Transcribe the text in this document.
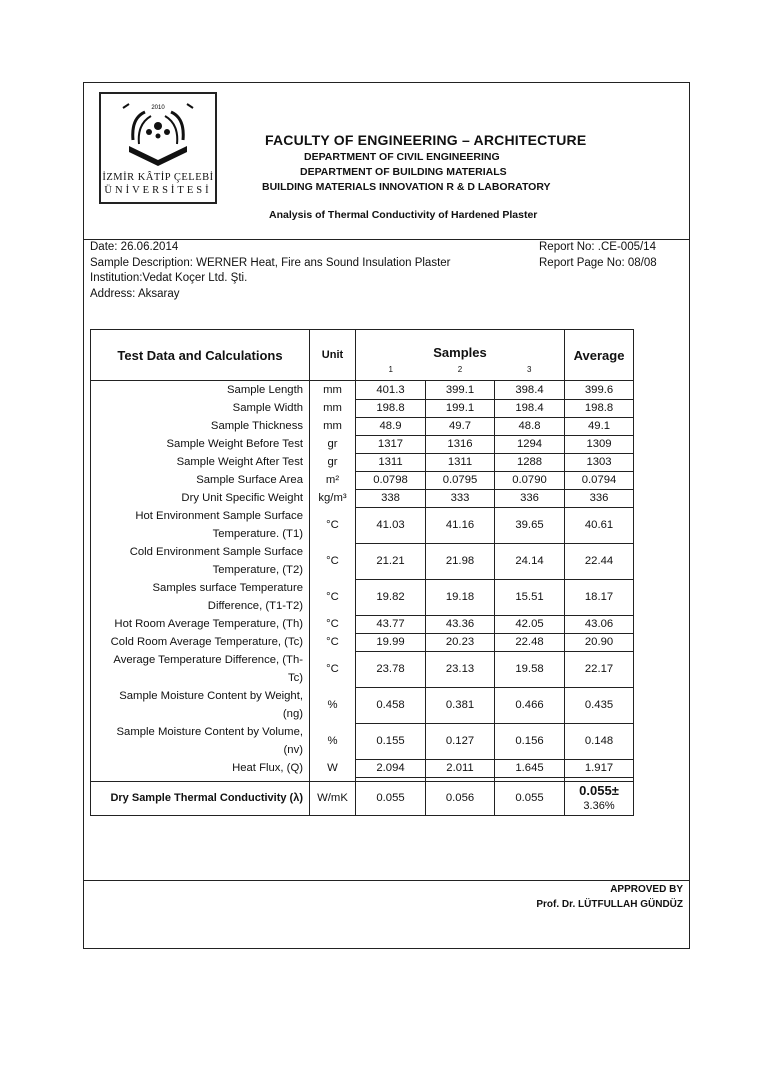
2010
İZMİR KÂTİP ÇELEBİ
ÜNİVERSİTESİ
FACULTY OF ENGINEERING – ARCHITECTURE
DEPARTMENT OF CIVIL ENGINEERING
DEPARTMENT OF BUILDING MATERIALS
BUILDING MATERIALS INNOVATION R & D LABORATORY
Analysis of Thermal Conductivity of Hardened Plaster
Date: 26.06.2014
Sample Description: WERNER Heat, Fire ans Sound Insulation Plaster
Institution:Vedat Koçer Ltd. Şti.
Address: Aksaray
Report No: .CE-005/14
Report Page No: 08/08
Test Data and Calculations	Unit	Samples			Average
		1	2	3	
Sample Length	mm	401.3	399.1	398.4	399.6
Sample Width	mm	198.8	199.1	198.4	198.8
Sample Thickness	mm	48.9	49.7	48.8	49.1
Sample Weight Before Test	gr	1317	1316	1294	1309
Sample Weight After Test	gr	1311	1311	1288	1303
Sample Surface Area	m²	0.0798	0.0795	0.0790	0.0794
Dry Unit Specific Weight	kg/m³	338	333	336	336
Hot Environment Sample Surface Temperature. (T1)	°C	41.03	41.16	39.65	40.61
Cold Environment Sample Surface Temperature, (T2)	°C	21.21	21.98	24.14	22.44
Samples surface Temperature Difference, (T1-T2)	°C	19.82	19.18	15.51	18.17
Hot Room Average Temperature, (Th)	°C	43.77	43.36	42.05	43.06
Cold Room Average Temperature, (Tc)	°C	19.99	20.23	22.48	20.90
Average Temperature Difference, (Th-Tc)	°C	23.78	23.13	19.58	22.17
Sample Moisture Content by Weight, (ng)	%	0.458	0.381	0.466	0.435
Sample Moisture Content by Volume, (nv)	%	0.155	0.127	0.156	0.148
Heat Flux, (Q)	W	2.094	2.011	1.645	1.917

Dry Sample Thermal Conductivity (λ)	W/mK	0.055	0.056	0.055	0.055±
3.36%
APPROVED BY
Prof. Dr. LÜTFULLAH GÜNDÜZ
